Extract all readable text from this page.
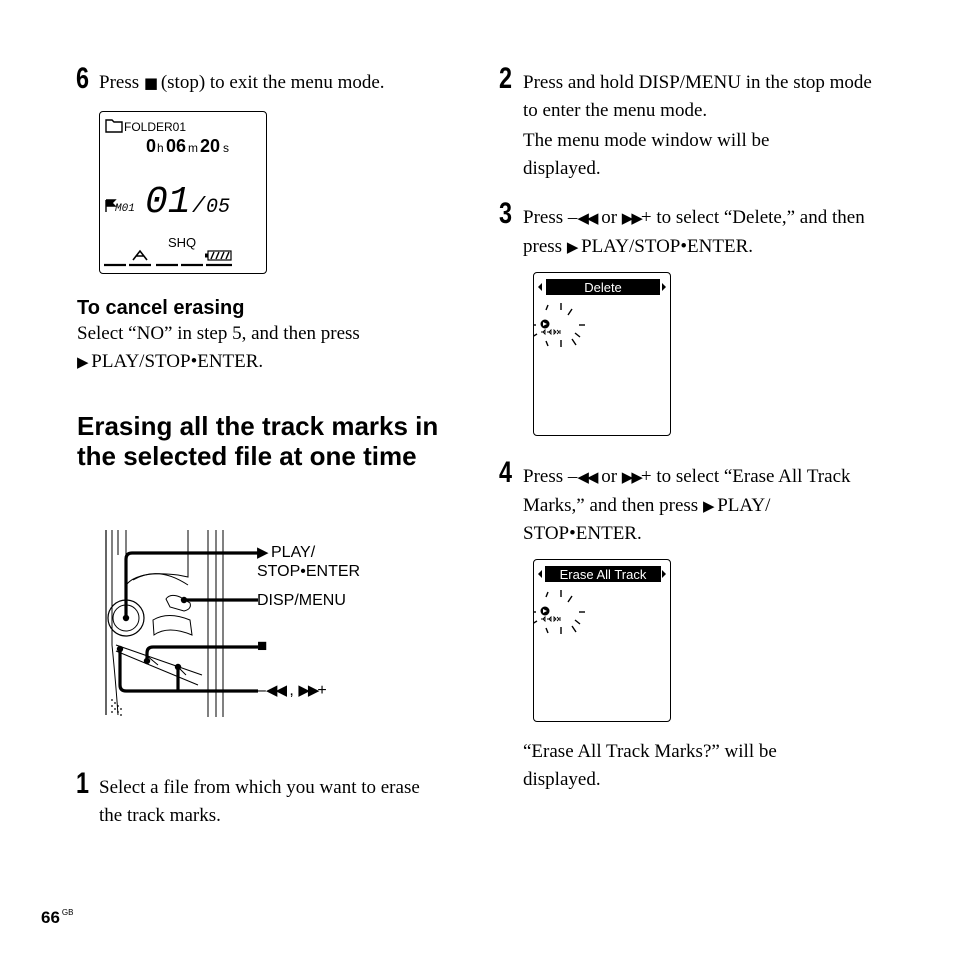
6 Press ■ (stop) to exit the menu mode.
FOLDER01
0 h 06 m 20 s
M01 01 / 05
SHQ
To cancel erasing
Select “NO” in step 5, and then press
▶ PLAY/STOP•ENTER.
Erasing all the track marks in the selected file at one time
▶ PLAY/
STOP•ENTER
DISP/MENU
■
–◀◀ , ▶▶+
1 Select a file from which you want to erase the track marks.
2 Press and hold DISP/MENU in the stop mode to enter the menu mode.
The menu mode window will be displayed.
3 Press –◀◀ or ▶▶+ to select “Delete,” and then press ▶ PLAY/STOP•ENTER.
Delete
4 Press –◀◀ or ▶▶+ to select “Erase All Track Marks,” and then press ▶ PLAY/ STOP•ENTER.
Erase All Track
“Erase All Track Marks?” will be displayed.
66 $^{GB}$
